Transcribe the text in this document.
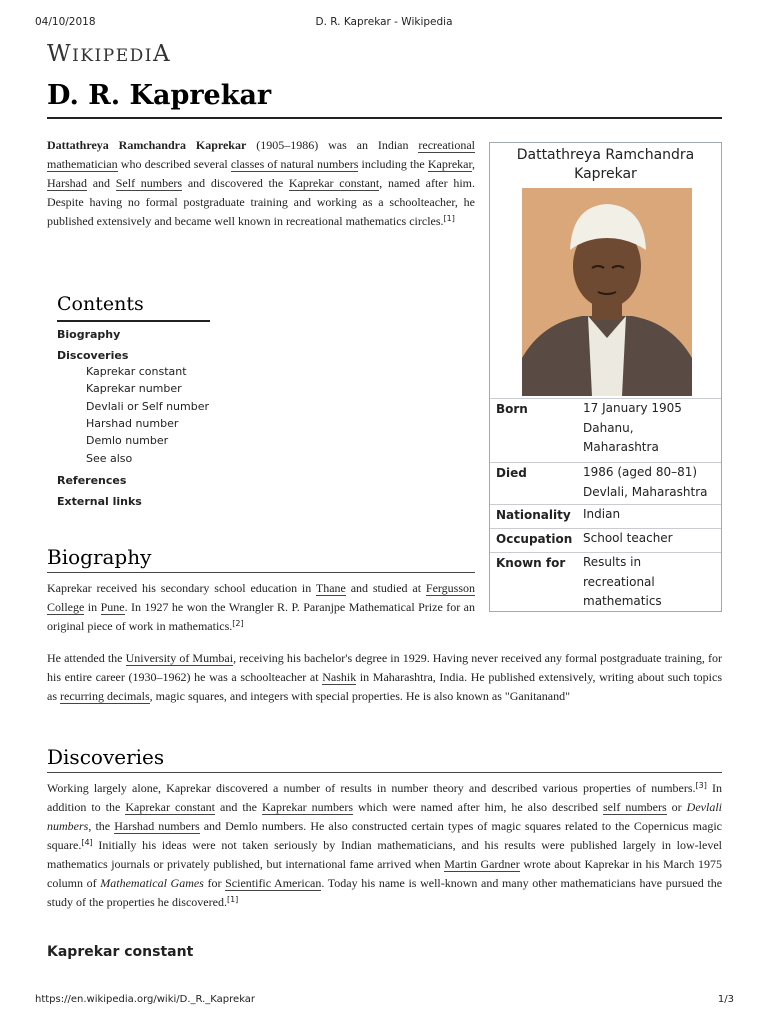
04/10/2018	D. R. Kaprekar - Wikipedia
WIKIPEDIA
D. R. Kaprekar

Dattathreya Ramchandra Kaprekar (1905–1986) was an Indian recreational mathematician who described several classes of natural numbers including the Kaprekar, Harshad and Self numbers and discovered the Kaprekar constant, named after him. Despite having no formal postgraduate training and working as a schoolteacher, he published extensively and became well known in recreational mathematics circles.[1]

Dattathreya Ramchandra Kaprekar
Born	17 January 1905
Dahanu,
Maharashtra
Died	1986 (aged 80–81)
Devlali, Maharashtra
Nationality Indian
Occupation School teacher
Known for Results in
recreational
mathematics
Contents
Biography
Discoveries
Kaprekar constant
Kaprekar number
Devlali or Self number
Harshad number
Demlo number
See also
References
External links
Biography

Kaprekar received his secondary school education in Thane and studied at Fergusson College in Pune. In 1927 he won the Wrangler R. P. Paranjpe Mathematical Prize for an original piece of work in mathematics.[2]

He attended the University of Mumbai, receiving his bachelor's degree in 1929. Having never received any formal postgraduate training, for his entire career (1930–1962) he was a schoolteacher at Nashik in Maharashtra, India. He published extensively, writing about such topics as recurring decimals, magic squares, and integers with special properties. He is also known as "Ganitanand"

Discoveries

Working largely alone, Kaprekar discovered a number of results in number theory and described various properties of numbers.[3] In addition to the Kaprekar constant and the Kaprekar numbers which were named after him, he also described self numbers or Devlali numbers, the Harshad numbers and Demlo numbers. He also constructed certain types of magic squares related to the Copernicus magic square.[4] Initially his ideas were not taken seriously by Indian mathematicians, and his results were published largely in low-level mathematics journals or privately published, but international fame arrived when Martin Gardner wrote about Kaprekar in his March 1975 column of Mathematical Games for Scientific American. Today his name is well-known and many other mathematicians have pursued the study of the properties he discovered.[1]

Kaprekar constant
https://en.wikipedia.org/wiki/D._R._Kaprekar	1/3
